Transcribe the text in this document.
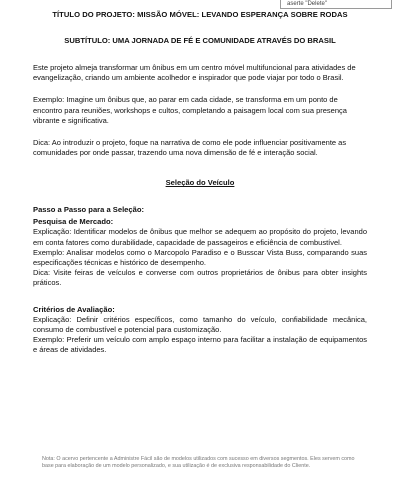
aserte "Delete"
TÍTULO DO PROJETO: MISSÃO MÓVEL: LEVANDO ESPERANÇA SOBRE RODAS
SUBTÍTULO: UMA JORNADA DE FÉ E COMUNIDADE ATRAVÉS DO BRASIL
Este projeto almeja transformar um ônibus em um centro móvel multifuncional para atividades de evangelização, criando um ambiente acolhedor e inspirador que pode viajar por todo o Brasil.
Exemplo: Imagine um ônibus que, ao parar em cada cidade, se transforma em um ponto de encontro para reuniões, workshops e cultos, completando a paisagem local com sua presença vibrante e significativa.
Dica: Ao introduzir o projeto, foque na narrativa de como ele pode influenciar positivamente as comunidades por onde passar, trazendo uma nova dimensão de fé e interação social.
Seleção do Veículo
Passo a Passo para a Seleção:
Pesquisa de Mercado:
Explicação: Identificar modelos de ônibus que melhor se adequem ao propósito do projeto, levando em conta fatores como durabilidade, capacidade de passageiros e eficiência de combustível.
Exemplo: Analisar modelos como o Marcopolo Paradiso e o Busscar Vista Buss, comparando suas especificações técnicas e histórico de desempenho.
Dica: Visite feiras de veículos e converse com outros proprietários de ônibus para obter insights práticos.
Critérios de Avaliação:
Explicação: Definir critérios específicos, como tamanho do veículo, confiabilidade mecânica, consumo de combustível e potencial para customização.
Exemplo: Preferir um veículo com amplo espaço interno para facilitar a instalação de equipamentos e áreas de atividades.
Nota: O acervo pertencente a Administre Fácil são de modelos utilizados com sucesso em diversos segmentos. Eles servem como base para elaboração de um modelo personalizado, e sua utilização é de exclusiva responsabilidade do Cliente.
